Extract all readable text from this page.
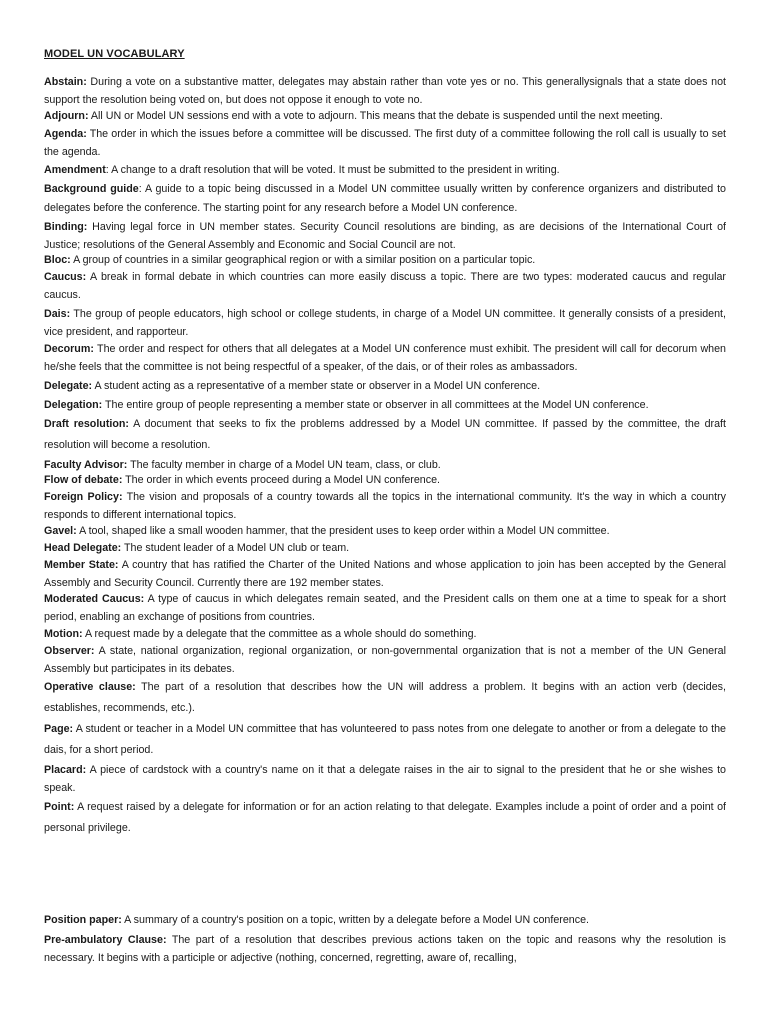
MODEL UN VOCABULARY

Abstain: During a vote on a substantive matter, delegates may abstain rather than vote yes or no. This generallysignals that a state does not support the resolution being voted on, but does not oppose it enough to vote no.

Adjourn: All UN or Model UN sessions end with a vote to adjourn. This means that the debate is suspended until the next meeting.

Agenda: The order in which the issues before a committee will be discussed. The first duty of a committee following the roll call is usually to set the agenda.

Amendment: A change to a draft resolution that will be voted. It must be submitted to the president in writing.

Background guide: A guide to a topic being discussed in a Model UN committee usually written by conference organizers and distributed to delegates before the conference. The starting point for any research before a Model UN conference.

Binding: Having legal force in UN member states. Security Council resolutions are binding, as are decisions of the International Court of Justice; resolutions of the General Assembly and Economic and Social Council are not.

Bloc: A group of countries in a similar geographical region or with a similar position on a particular topic.

Caucus: A break in formal debate in which countries can more easily discuss a topic. There are two types: moderated caucus and regular caucus.

Dais: The group of people educators, high school or college students, in charge of a Model UN committee. It generally consists of a president, vice president, and rapporteur.

Decorum: The order and respect for others that all delegates at a Model UN conference must exhibit. The president will call for decorum when he/she feels that the committee is not being respectful of a speaker, of the dais, or of their roles as ambassadors.

Delegate: A student acting as a representative of a member state or observer in a Model UN conference.

Delegation: The entire group of people representing a member state or observer in all committees at the Model UN conference.

Draft resolution: A document that seeks to fix the problems addressed by a Model UN committee. If passed by the committee, the draft resolution will become a resolution.

Faculty Advisor: The faculty member in charge of a Model UN team, class, or club.

Flow of debate: The order in which events proceed during a Model UN conference.

Foreign Policy: The vision and proposals of a country towards all the topics in the international community. It's the way in which a country responds to different international topics.

Gavel: A tool, shaped like a small wooden hammer, that the president uses to keep order within a Model UN committee.

Head Delegate: The student leader of a Model UN club or team.

Member State: A country that has ratified the Charter of the United Nations and whose application to join has been accepted by the General Assembly and Security Council. Currently there are 192 member states.

Moderated Caucus: A type of caucus in which delegates remain seated, and the President calls on them one at a time to speak for a short period, enabling an exchange of positions from countries.

Motion: A request made by a delegate that the committee as a whole should do something.

Observer: A state, national organization, regional organization, or non-governmental organization that is not a member of the UN General Assembly but participates in its debates.

Operative clause: The part of a resolution that describes how the UN will address a problem. It begins with an action verb (decides, establishes, recommends, etc.).

Page: A student or teacher in a Model UN committee that has volunteered to pass notes from one delegate to another or from a delegate to the dais, for a short period.

Placard: A piece of cardstock with a country's name on it that a delegate raises in the air to signal to the president that he or she wishes to speak.

Point: A request raised by a delegate for information or for an action relating to that delegate. Examples include a point of order and a point of personal privilege.

Position paper: A summary of a country's position on a topic, written by a delegate before a Model UN conference.

Pre-ambulatory Clause: The part of a resolution that describes previous actions taken on the topic and reasons why the resolution is necessary. It begins with a participle or adjective (nothing, concerned, regretting, aware of, recalling,
